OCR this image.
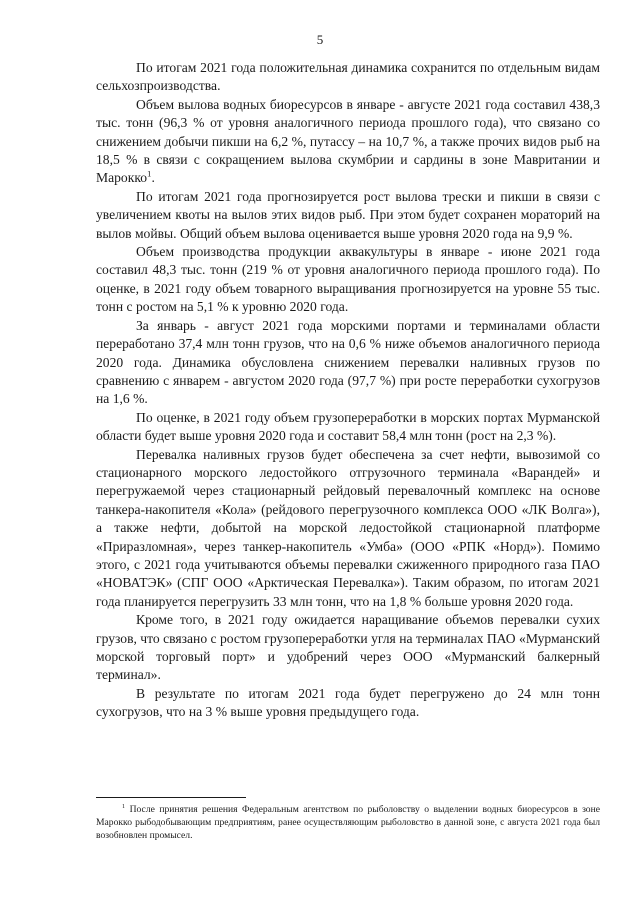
5

По итогам 2021 года положительная динамика сохранится по отдельным видам сельхозпроизводства.

Объем вылова водных биоресурсов в январе - августе 2021 года составил 438,3 тыс. тонн (96,3 % от уровня аналогичного периода прошлого года), что связано со снижением добычи пикши на 6,2 %, путассу – на 10,7 %, а также прочих видов рыб на 18,5 % в связи с сокращением вылова скумбрии и сардины в зоне Мавритании и Марокко$^1$.

По итогам 2021 года прогнозируется рост вылова трески и пикши в связи с увеличением квоты на вылов этих видов рыб. При этом будет сохранен мораторий на вылов мойвы. Общий объем вылова оценивается выше уровня 2020 года на 9,9 %.

Объем производства продукции аквакультуры в январе - июне 2021 года составил 48,3 тыс. тонн (219 % от уровня аналогичного периода прошлого года). По оценке, в 2021 году объем товарного выращивания прогнозируется на уровне 55 тыс. тонн с ростом на 5,1 % к уровню 2020 года.

За январь - август 2021 года морскими портами и терминалами области переработано 37,4 млн тонн грузов, что на 0,6 % ниже объемов аналогичного периода 2020 года. Динамика обусловлена снижением перевалки наливных грузов по сравнению с январем - августом 2020 года (97,7 %) при росте переработки сухогрузов на 1,6 %.

По оценке, в 2021 году объем грузопереработки в морских портах Мурманской области будет выше уровня 2020 года и составит 58,4 млн тонн (рост на 2,3 %).

Перевалка наливных грузов будет обеспечена за счет нефти, вывозимой со стационарного морского ледостойкого отгрузочного терминала «Варандей» и перегружаемой через стационарный рейдовый перевалочный комплекс на основе танкера-накопителя «Кола» (рейдового перегрузочного комплекса ООО «ЛК Волга»), а также нефти, добытой на морской ледостойкой стационарной платформе «Приразломная», через танкер-накопитель «Умба» (ООО «РПК «Норд»). Помимо этого, с 2021 года учитываются объемы перевалки сжиженного природного газа ПАО «НОВАТЭК» (СПГ ООО «Арктическая Перевалка»). Таким образом, по итогам 2021 года планируется перегрузить 33 млн тонн, что на 1,8 % больше уровня 2020 года.

Кроме того, в 2021 году ожидается наращивание объемов перевалки сухих грузов, что связано с ростом грузопереработки угля на терминалах ПАО «Мурманский морской торговый порт» и удобрений через ООО «Мурманский балкерный терминал».

В результате по итогам 2021 года будет перегружено до 24 млн тонн сухогрузов, что на 3 % выше уровня предыдущего года.

$^1$ После принятия решения Федеральным агентством по рыболовству о выделении водных биоресурсов в зоне Марокко рыбодобывающим предприятиям, ранее осуществляющим рыболовство в данной зоне, с августа 2021 года был возобновлен промысел.
